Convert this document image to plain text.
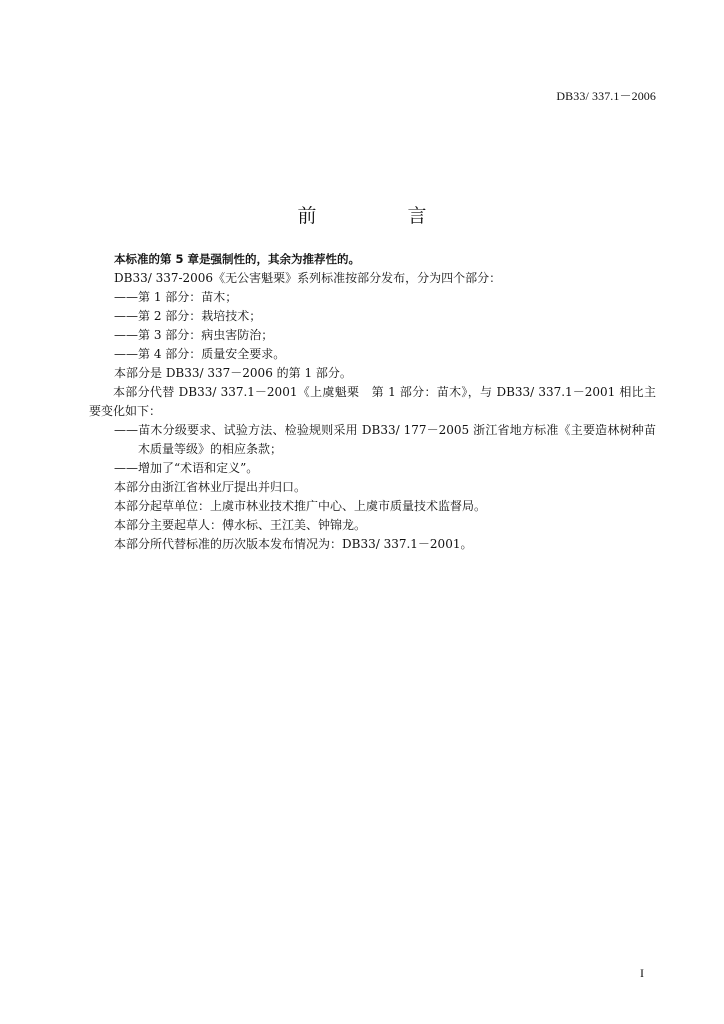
DB33/ 337.1－2006
前　言

本标准的第 5 章是强制性的，其余为推荐性的。

DB33/ 337-2006《无公害魁栗》系列标准按部分发布，分为四个部分：

——第 1 部分：苗木；

——第 2 部分：栽培技术；

——第 3 部分：病虫害防治；

——第 4 部分：质量安全要求。

本部分是 DB33/ 337－2006 的第 1 部分。

本部分代替 DB33/ 337.1－2001《上虞魁栗　第 1 部分：苗木》，与 DB33/ 337.1－2001 相比主要变化如下：

——苗木分级要求、试验方法、检验规则采用 DB33/ 177－2005 浙江省地方标准《主要造林树种苗木质量等级》的相应条款；

——增加了“术语和定义”。

本部分由浙江省林业厅提出并归口。

本部分起草单位：上虞市林业技术推广中心、上虞市质量技术监督局。

本部分主要起草人：傅水标、王江美、钟锦龙。

本部分所代替标准的历次版本发布情况为：DB33/ 337.1－2001。

I
